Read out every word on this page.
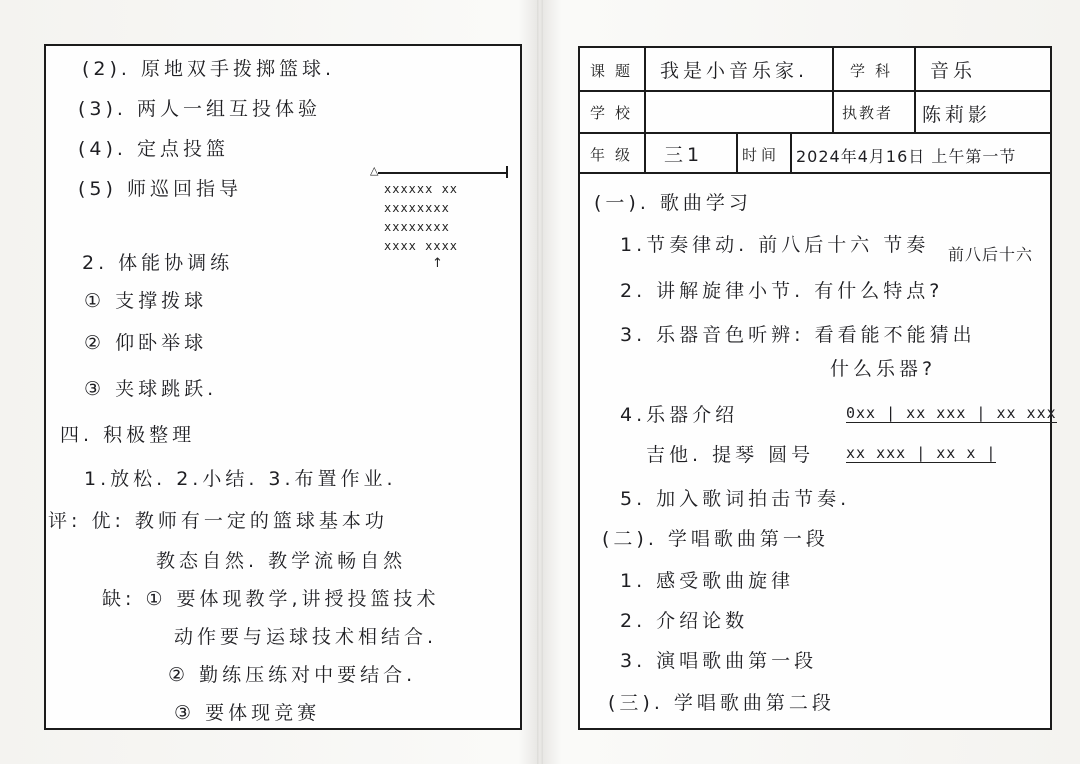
(2). 原地双手拨掷篮球.
(3). 两人一组互投体验
(4). 定点投篮
(5) 师巡回指导
△
xxxxxx xx
xxxxxxxx
xxxxxxxx
xxxx xxxx
↑
2. 体能协调练
① 支撑拨球
② 仰卧举球
③ 夹球跳跃.
四. 积极整理
1.放松. 2.小结. 3.布置作业.
评: 优: 教师有一定的篮球基本功
教态自然. 教学流畅自然
缺: ① 要体现教学,讲授投篮技术
动作要与运球技术相结合.
② 勤练压练对中要结合.
③ 要体现竞赛
课题 我是小音乐家.	学科 音乐
学校	执教者 陈莉影
年级 三1	时间 2024年4月16日 上午第一节
(一). 歌曲学习
1.节奏律动. 前八后十六 节奏 前八后十六
2. 讲解旋律小节. 有什么特点?
3. 乐器音色听辨: 看看能不能猜出
什么乐器?
4.乐器介绍	0xx | xx xxx | xx xxx
吉他. 提琴 圆号 xx xxx | xx x |
5. 加入歌词拍击节奏.
(二). 学唱歌曲第一段
1. 感受歌曲旋律
2. 介绍论数
3. 演唱歌曲第一段
(三). 学唱歌曲第二段
